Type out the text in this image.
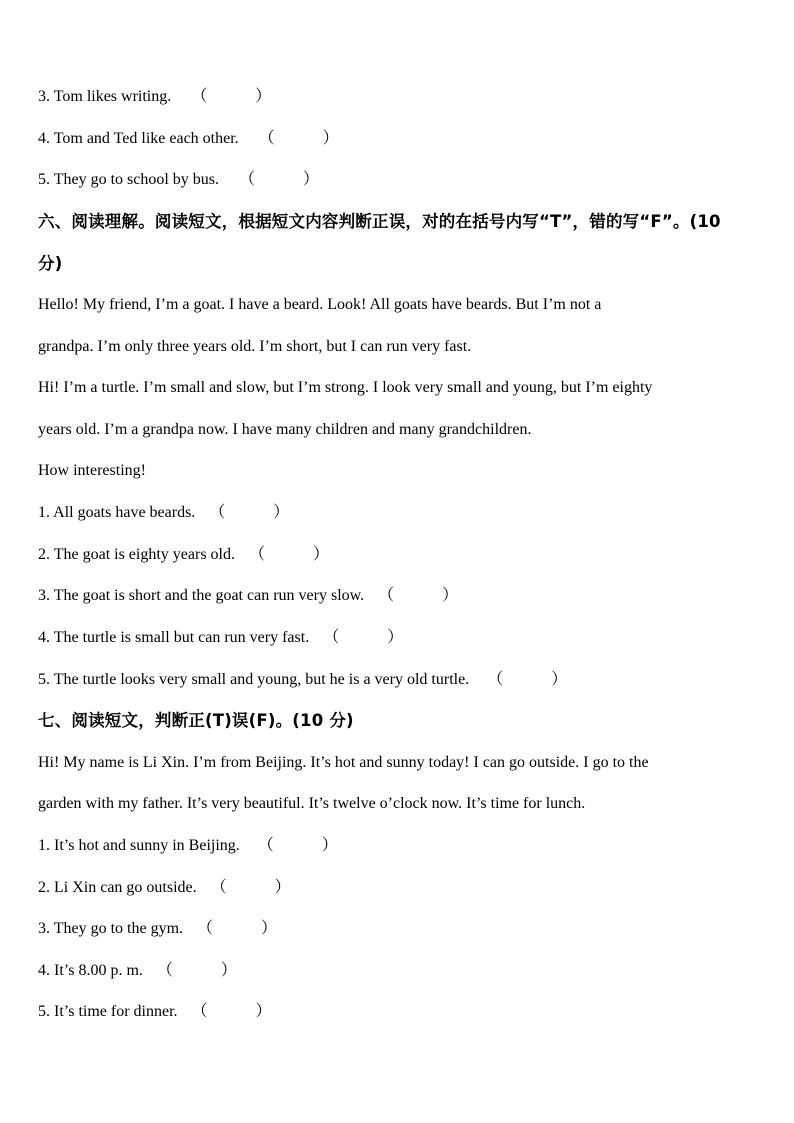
3. Tom likes writing. （            ）
4. Tom and Ted like each other. （            ）
5. They go to school by bus. （            ）
六、阅读理解。阅读短文，根据短文内容判断正误，对的在括号内写“T”，错的写“F”。(10
分)
Hello! My friend, I’m a goat. I have a beard. Look! All goats have beards. But I’m not a
grandpa. I’m only three years old. I’m short, but I can run very fast.
Hi! I’m a turtle. I’m small and slow, but I’m strong. I look very small and young, but I’m eighty
years old. I’m a grandpa now. I have many children and many grandchildren.
How interesting!
1. All goats have beards. （            ）
2. The goat is eighty years old. （            ）
3. The goat is short and the goat can run very slow. （            ）
4. The turtle is small but can run very fast. （            ）
5. The turtle looks very small and young, but he is a very old turtle. （            ）
七、阅读短文，判断正(T)误(F)。(10 分)
Hi! My name is Li Xin. I’m from Beijing. It’s hot and sunny today! I can go outside. I go to the
garden with my father. It’s very beautiful. It’s twelve o’clock now. It’s time for lunch.
1. It’s hot and sunny in Beijing. （            ）
2. Li Xin can go outside. （            ）
3. They go to the gym. （            ）
4. It’s 8.00 p. m. （            ）
5. It’s time for dinner. （            ）
